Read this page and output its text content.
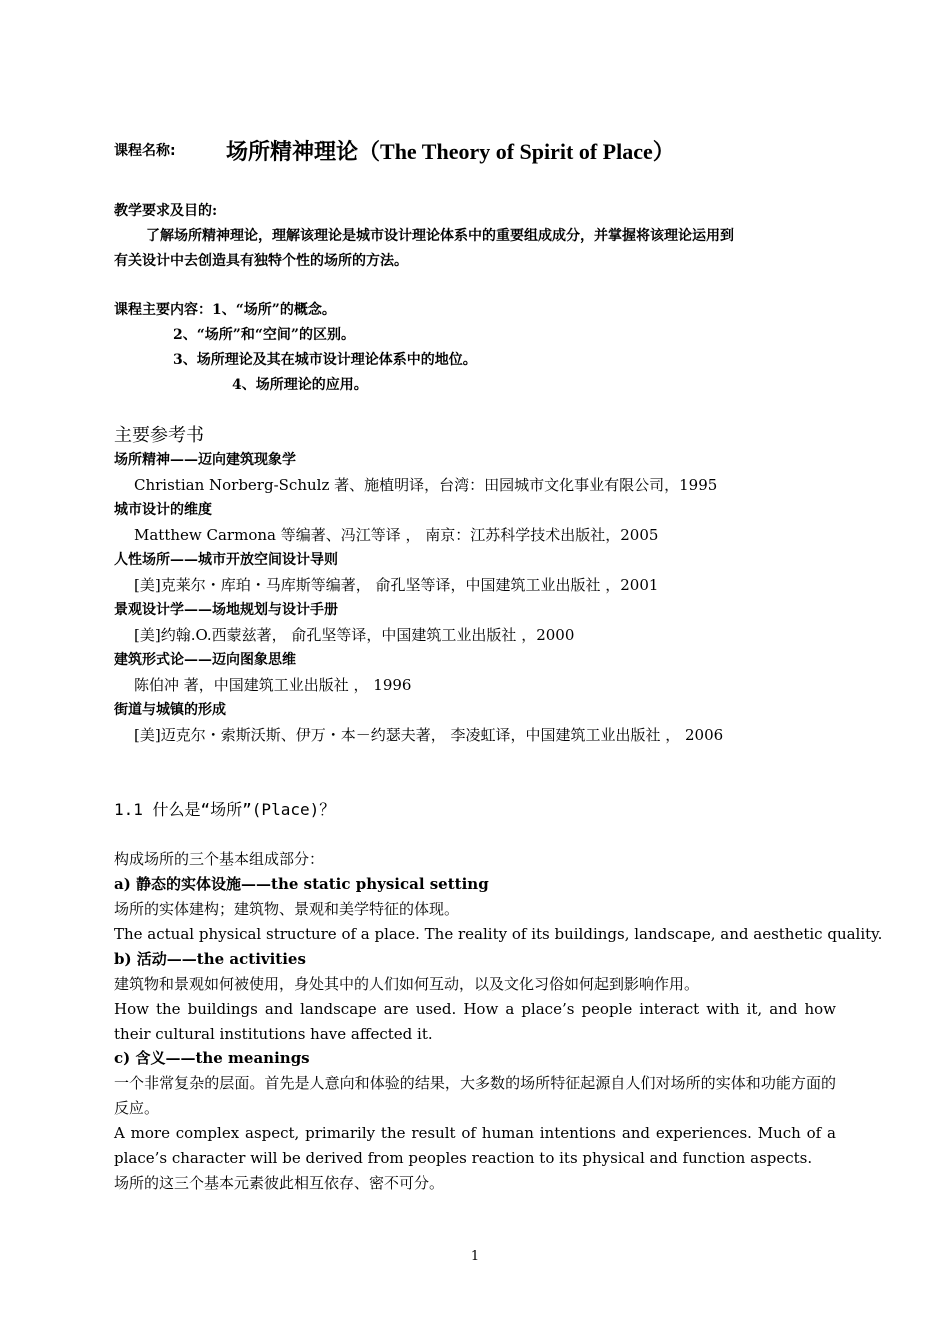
课程名称: 场所精神理论（The Theory of Spirit of Place）
教学要求及目的:
了解场所精神理论，理解该理论是城市设计理论体系中的重要组成成分，并掌握将该理论运用到
有关设计中去创造具有独特个性的场所的方法。
课程主要内容：1、“场所”的概念。
2、“场所”和“空间”的区别。
3、场所理论及其在城市设计理论体系中的地位。
4、场所理论的应用。
主要参考书
场所精神——迈向建筑现象学
Christian Norberg-Schulz 著、施植明译，台湾：田园城市文化事业有限公司，1995
城市设计的维度
Matthew Carmona 等编著、冯江等译 ， 南京：江苏科学技术出版社，2005
人性场所——城市开放空间设计导则
[美]克莱尔・库珀・马库斯等编著， 俞孔坚等译，中国建筑工业出版社 ，2001
景观设计学——场地规划与设计手册
[美]约翰.O.西蒙兹著， 俞孔坚等译，中国建筑工业出版社 ，2000
建筑形式论——迈向图象思维
陈伯冲 著，中国建筑工业出版社 ， 1996
街道与城镇的形成
[美]迈克尔・索斯沃斯、伊万・本－约瑟夫著， 李凌虹译，中国建筑工业出版社 ， 2006
1.1 什么是“场所”(Place)？
构成场所的三个基本组成部分：
a) 静态的实体设施——the static physical setting
场所的实体建构；建筑物、景观和美学特征的体现。
The actual physical structure of a place. The reality of its buildings, landscape, and aesthetic quality.
b) 活动——the activities
建筑物和景观如何被使用，身处其中的人们如何互动，以及文化习俗如何起到影响作用。
How the buildings and landscape are used. How a place’s people interact with it, and how their cultural institutions have affected it.
c) 含义——the meanings
一个非常复杂的层面。首先是人意向和体验的结果，大多数的场所特征起源自人们对场所的实体和功能方面的反应。
A more complex aspect, primarily the result of human intentions and experiences. Much of a place’s character will be derived from peoples reaction to its physical and function aspects.
场所的这三个基本元素彼此相互依存、密不可分。
1
